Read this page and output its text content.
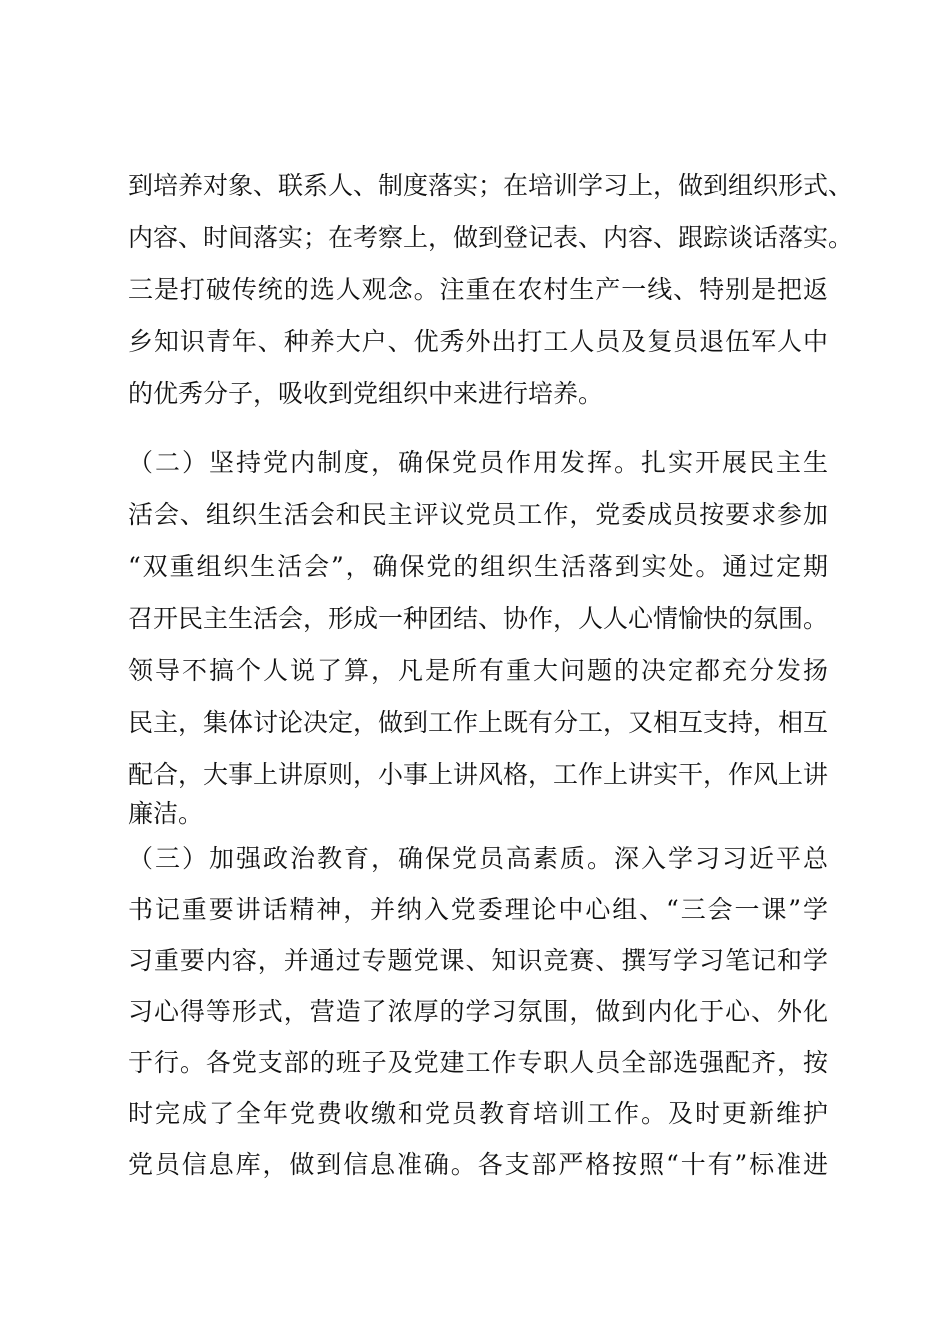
到培养对象、联系人、制度落实；在培训学习上，做到组织形式、
内容、时间落实；在考察上，做到登记表、内容、跟踪谈话落实。
三是打破传统的选人观念。注重在农村生产一线、特别是把返
乡知识青年、种养大户、优秀外出打工人员及复员退伍军人中
的优秀分子，吸收到党组织中来进行培养。
（二）坚持党内制度，确保党员作用发挥。扎实开展民主生
活会、组织生活会和民主评议党员工作，党委成员按要求参加
“双重组织生活会”，确保党的组织生活落到实处。通过定期
召开民主生活会，形成一种团结、协作，人人心情愉快的氛围。
领导不搞个人说了算，凡是所有重大问题的决定都充分发扬
民主，集体讨论决定，做到工作上既有分工，又相互支持，相互
配合，大事上讲原则，小事上讲风格，工作上讲实干，作风上讲
廉洁。
（三）加强政治教育，确保党员高素质。深入学习习近平总
书记重要讲话精神，并纳入党委理论中心组、“三会一课”学
习重要内容，并通过专题党课、知识竞赛、撰写学习笔记和学
习心得等形式，营造了浓厚的学习氛围，做到内化于心、外化
于行。各党支部的班子及党建工作专职人员全部选强配齐，按
时完成了全年党费收缴和党员教育培训工作。及时更新维护
党员信息库，做到信息准确。各支部严格按照“十有”标准进
